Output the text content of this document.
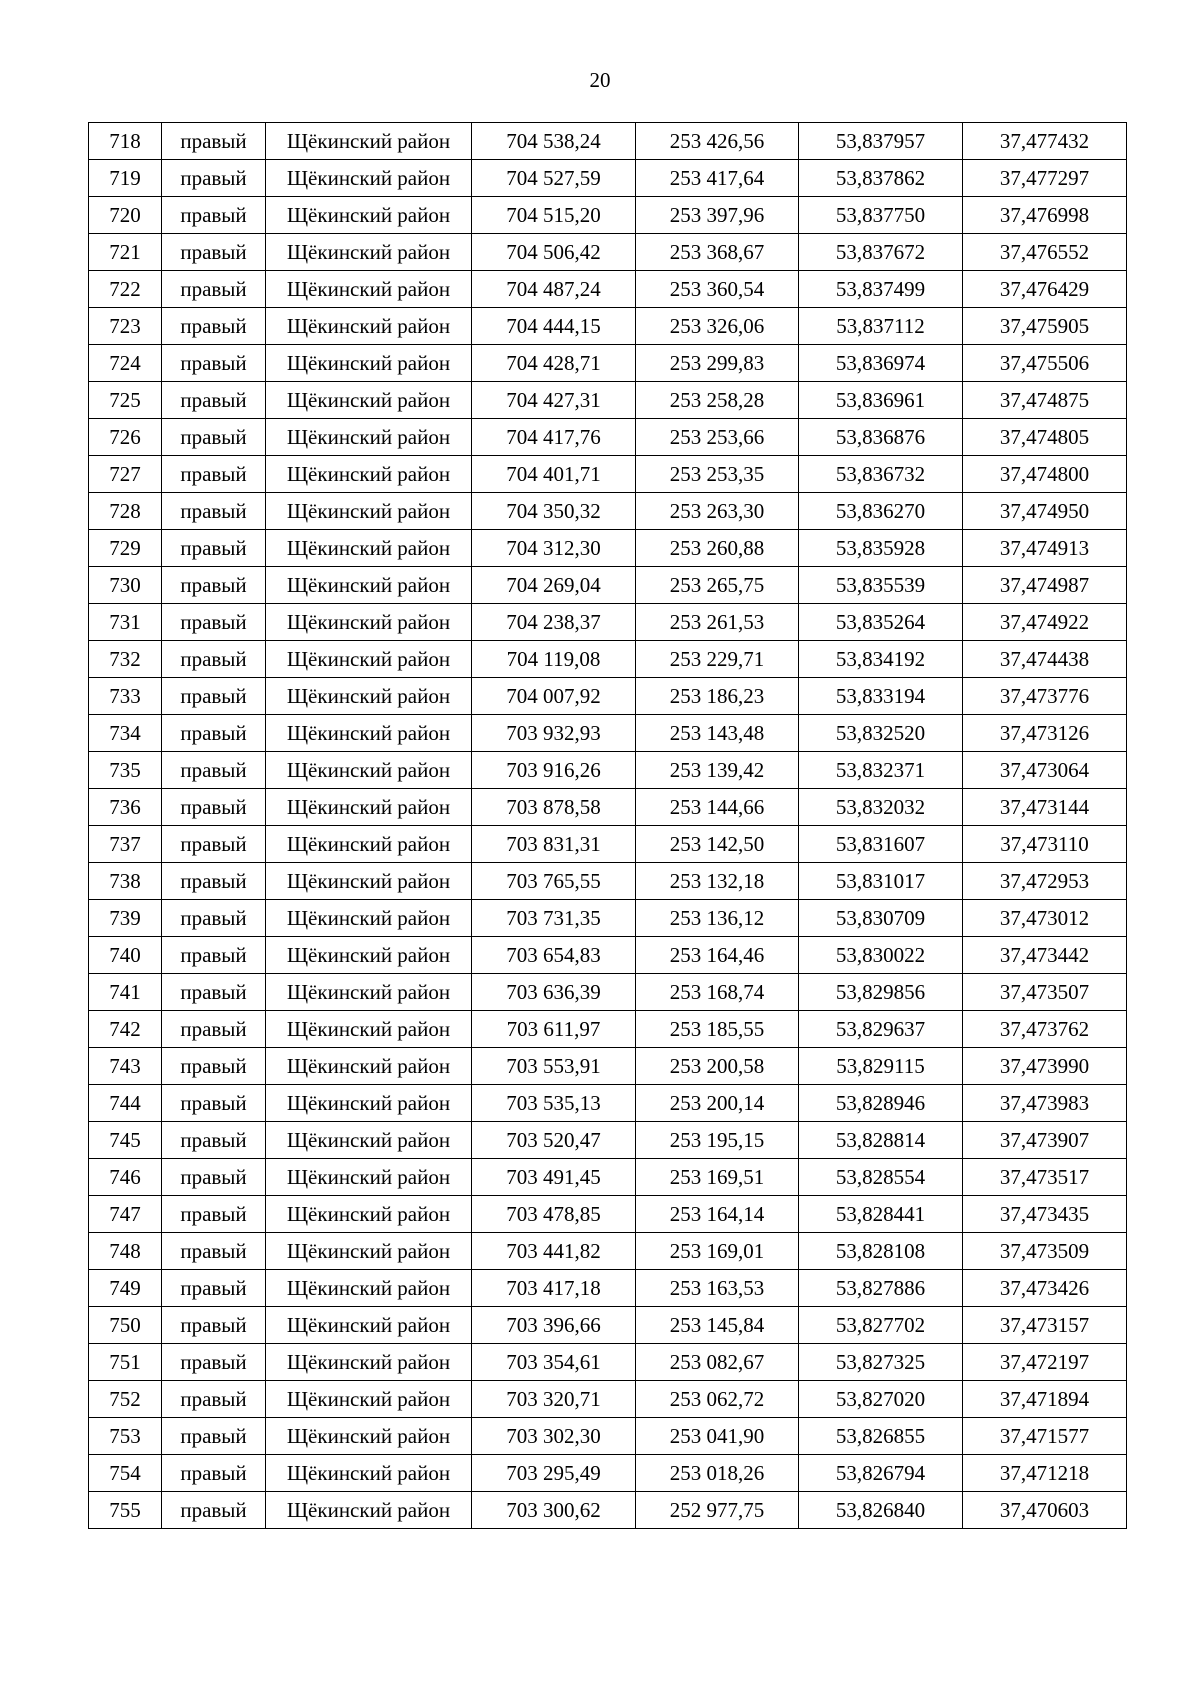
20
718	правый	Щёкинский район	704 538,24	253 426,56	53,837957	37,477432
719	правый	Щёкинский район	704 527,59	253 417,64	53,837862	37,477297
720	правый	Щёкинский район	704 515,20	253 397,96	53,837750	37,476998
721	правый	Щёкинский район	704 506,42	253 368,67	53,837672	37,476552
722	правый	Щёкинский район	704 487,24	253 360,54	53,837499	37,476429
723	правый	Щёкинский район	704 444,15	253 326,06	53,837112	37,475905
724	правый	Щёкинский район	704 428,71	253 299,83	53,836974	37,475506
725	правый	Щёкинский район	704 427,31	253 258,28	53,836961	37,474875
726	правый	Щёкинский район	704 417,76	253 253,66	53,836876	37,474805
727	правый	Щёкинский район	704 401,71	253 253,35	53,836732	37,474800
728	правый	Щёкинский район	704 350,32	253 263,30	53,836270	37,474950
729	правый	Щёкинский район	704 312,30	253 260,88	53,835928	37,474913
730	правый	Щёкинский район	704 269,04	253 265,75	53,835539	37,474987
731	правый	Щёкинский район	704 238,37	253 261,53	53,835264	37,474922
732	правый	Щёкинский район	704 119,08	253 229,71	53,834192	37,474438
733	правый	Щёкинский район	704 007,92	253 186,23	53,833194	37,473776
734	правый	Щёкинский район	703 932,93	253 143,48	53,832520	37,473126
735	правый	Щёкинский район	703 916,26	253 139,42	53,832371	37,473064
736	правый	Щёкинский район	703 878,58	253 144,66	53,832032	37,473144
737	правый	Щёкинский район	703 831,31	253 142,50	53,831607	37,473110
738	правый	Щёкинский район	703 765,55	253 132,18	53,831017	37,472953
739	правый	Щёкинский район	703 731,35	253 136,12	53,830709	37,473012
740	правый	Щёкинский район	703 654,83	253 164,46	53,830022	37,473442
741	правый	Щёкинский район	703 636,39	253 168,74	53,829856	37,473507
742	правый	Щёкинский район	703 611,97	253 185,55	53,829637	37,473762
743	правый	Щёкинский район	703 553,91	253 200,58	53,829115	37,473990
744	правый	Щёкинский район	703 535,13	253 200,14	53,828946	37,473983
745	правый	Щёкинский район	703 520,47	253 195,15	53,828814	37,473907
746	правый	Щёкинский район	703 491,45	253 169,51	53,828554	37,473517
747	правый	Щёкинский район	703 478,85	253 164,14	53,828441	37,473435
748	правый	Щёкинский район	703 441,82	253 169,01	53,828108	37,473509
749	правый	Щёкинский район	703 417,18	253 163,53	53,827886	37,473426
750	правый	Щёкинский район	703 396,66	253 145,84	53,827702	37,473157
751	правый	Щёкинский район	703 354,61	253 082,67	53,827325	37,472197
752	правый	Щёкинский район	703 320,71	253 062,72	53,827020	37,471894
753	правый	Щёкинский район	703 302,30	253 041,90	53,826855	37,471577
754	правый	Щёкинский район	703 295,49	253 018,26	53,826794	37,471218
755	правый	Щёкинский район	703 300,62	252 977,75	53,826840	37,470603
